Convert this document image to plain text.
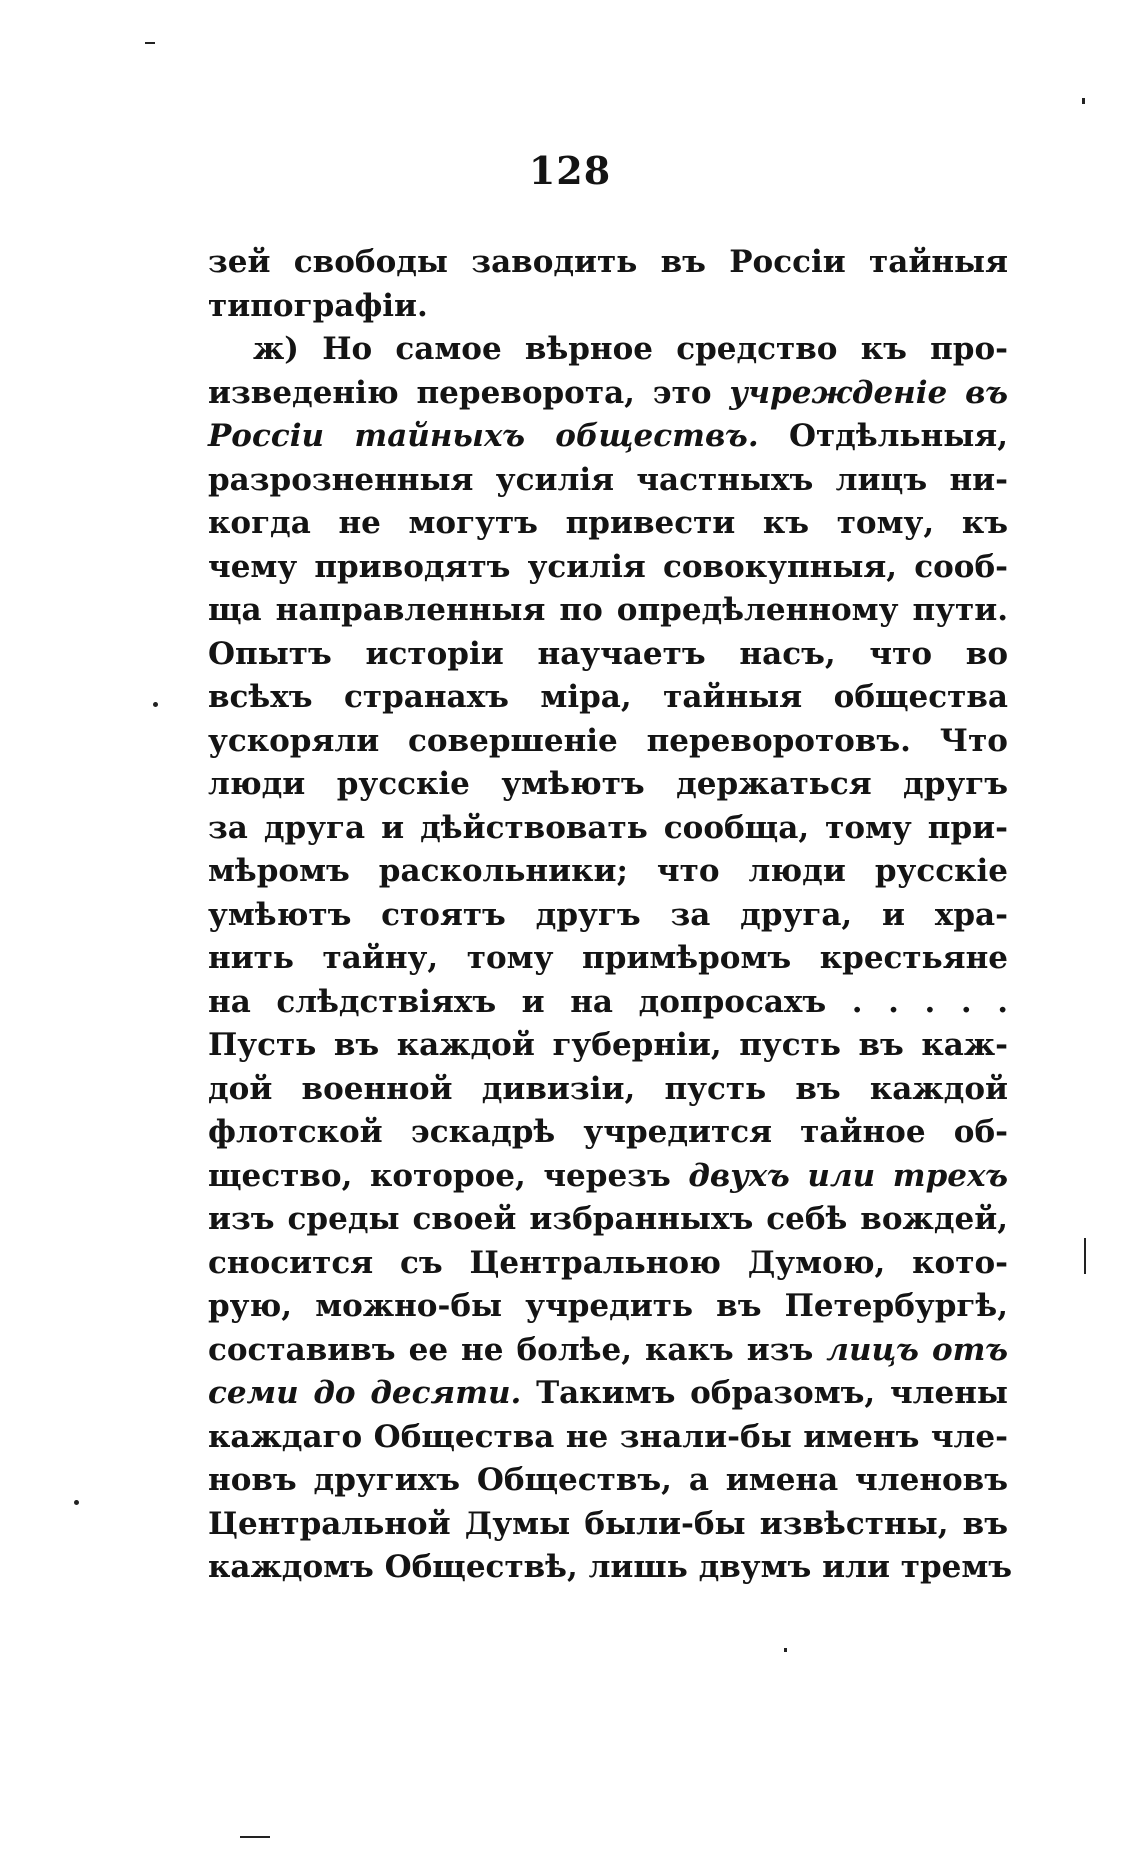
128
зей свободы заводить въ Россіи тайныя
типографіи.
ж) Но самое вѣрное средство къ про-
изведенію переворота, это учрежденіе въ
Россіи тайныхъ обществъ. Отдѣльныя,
разрозненныя усилія частныхъ лицъ ни-
когда не могутъ привести къ тому, къ
чему приводятъ усилія совокупныя, сооб-
ща направленныя по опредѣленному пути.
Опытъ исторіи научаетъ насъ, что во
всѣхъ странахъ міра, тайныя общества
ускоряли совершеніе переворотовъ. Что
люди русскіе умѣютъ держаться другъ
за друга и дѣйствовать сообща, тому при-
мѣромъ раскольники; что люди русскіе
умѣютъ стоятъ другъ за друга, и хра-
нить тайну, тому примѣромъ крестьяне
на слѣдствіяхъ и на допросахъ . . . . .
Пусть въ каждой губерніи, пусть въ каж-
дой военной дивизіи, пусть въ каждой
флотской эскадрѣ учредится тайное об-
щество, которое, черезъ двухъ или трехъ
изъ среды своей избранныхъ себѣ вождей,
сносится съ Центральною Думою, кото-
рую, можно-бы учредить въ Петербургѣ,
составивъ ее не болѣе, какъ изъ лицъ отъ
семи до десяти. Такимъ образомъ, члены
каждаго Общества не знали-бы именъ чле-
новъ другихъ Обществъ, а имена членовъ
Центральной Думы были-бы извѣстны, въ
каждомъ Обществѣ, лишь двумъ или тремъ
